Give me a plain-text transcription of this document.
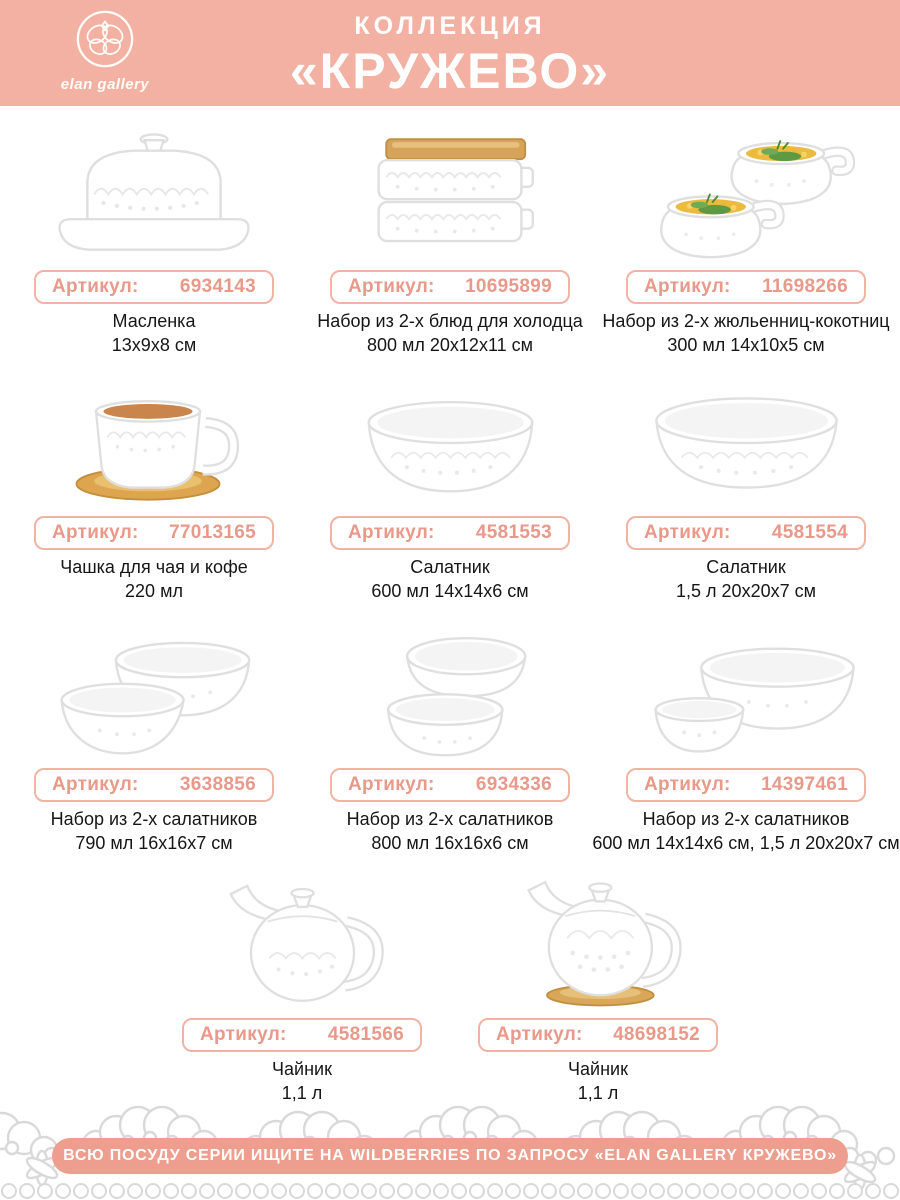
elan gallery
КОЛЛЕКЦИЯ
«КРУЖЕВО»
Артикул: 6934143
Масленка
13x9x8 см
Артикул: 10695899
Набор из 2-х блюд для холодца
800 мл 20x12x11 см
Артикул: 11698266
Набор из 2-х жюльенниц-кокотниц
300 мл 14x10x5 см
Артикул: 77013165
Чашка для чая и кофе
220 мл
Артикул: 4581553
Салатник
600 мл 14x14x6 см
Артикул: 4581554
Салатник
1,5 л 20x20x7 см
Артикул: 3638856
Набор из 2-х салатников
790 мл 16x16x7 см
Артикул: 6934336
Набор из 2-х салатников
800 мл 16x16x6 см
Артикул: 14397461
Набор из 2-х салатников
600 мл 14x14x6 см, 1,5 л 20x20x7 см
Артикул: 4581566
Чайник
1,1 л
Артикул: 48698152
Чайник
1,1 л
ВСЮ ПОСУДУ СЕРИИ ИЩИТЕ НА WILDBERRIES ПО ЗАПРОСУ «ELAN GALLERY КРУЖЕВО»
